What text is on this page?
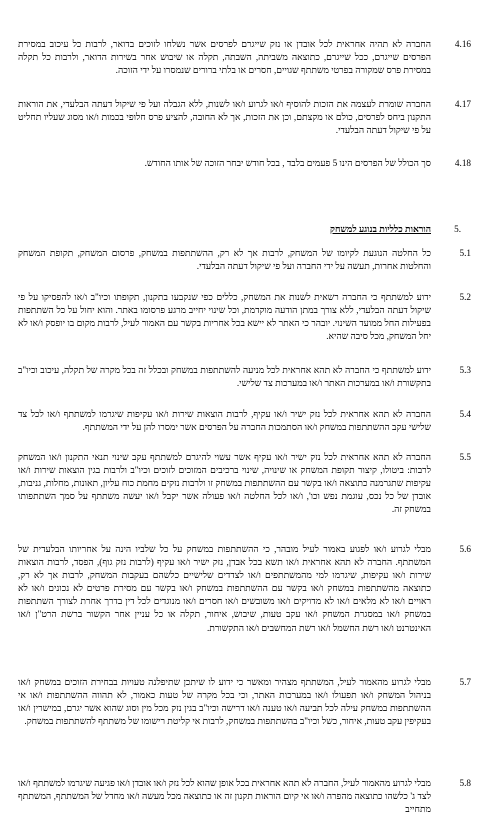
4.16
החברה לא תהיה אחראית לכל אובדן או נזק שייגרם לפרסים אשר נשלחו לזוכים בדואר, לרבות כל עיכוב במסירת הפרסים שייגרם, ככל שייגרם, כתוצאה משביתה, השבתה, תקלה או שיבוש אחר בשירות הדואר, ולרבות כל תקלה במסירת פרס שמקורה בפרטי משתתף שגויים, חסרים או בלתי ברורים שנמסרו על ידי הזוכה.
4.17
החברה שומרת לעצמה את הזכות להוסיף ו/או לגרוע ו/או לשנות, ללא הגבלה ועל פי שיקול דעתה הבלעדי, את הוראות התקנון ביחס לפרסים, כולם או מקצתם, וכן את הזכות, אך לא החובה, להציע פרס חלופי בכמות ו/או מסוג שעליו תחליט על פי שיקול דעתה הבלעדי.
4.18
סך הכולל של הפרסים הינו 5 פעמים בלבד , בכל חודש יבחר הזוכה של אותו החודש.
5.
הוראות כלליות בנוגע למשחק
5.1
כל החלטה הנוגעת לקיומו של המשחק, לרבות אך לא רק, ההשתתפות במשחק, פרסום המשחק, תקופת המשחק והחלטות אחרות, תעשה על ידי החברה ועל פי שיקול דעתה הבלעדי.
5.2
ידוע למשתתף כי החברה רשאית לשנות את המשחק, כללים כפי שנקבעו בתקנון, תקופתו וכיו"ב ו/או להפסיקו על פי שיקול דעתה הבלעדי, ללא צורך במתן הודעה מוקדמת, וכל שינוי יחייב מרגע פרסומו באתר. והוא יחול על כל השתתפות בפעילות החל ממועד השינוי. יובהר כי האתר לא יישא בכל אחריות בקשר עם האמור לעיל, לרבות מקום בו יופסק ו/או לא יחל המשחק, מכל סיבה שהיא.
5.3
ידוע למשתתף כי החברה לא תהא אחראית לכל מניעה להשתתפות במשחק ובכלל זה בכל מקרה של תקלה, עיכוב וכיו"ב בתקשורת ו/או במערכות האתר ו/או במערכות צד שלישי.
5.4
החברה לא תהא אחראית לכל נזק ישיר ו/או עקיף, לרבות הוצאות שירות ו/או עקיפות שיגרמו למשתתף ו/או לכל צד שלישי עקב ההשתתפות במשחק ו/או הסתמכות החברה על הפרסים אשר ימסרו להן על ידי המשתתף.
5.5
החברה לא תהא אחראית לכל נזק ישיר ו/או עקיף אשר עשוי להיגרם למשתתף עקב שינוי תנאי התקנון ו/או המשחק לרבות: ביטולו, קיצור תקופת המשחק או שינויה, שינוי ברכיבים המזוכים לזוכים וכיו"ב ולרבות בגין הוצאות שירות ו/או עקיפות שתגרמנה כתוצאה ו/או בקשר עם ההשתתפות במשחק זו ולרבות נזקים מחמת כוח עליון, תאונות, מחלות, גניבות, אובדן של כל נכס, עוגמת נפש וכו', ו/או לכל החלטה ו/או פעולה אשר יקבל ו/או יעשה משתתף על סמך השתתפותו במשחק זה.
5.6
מבלי לגרוע ו/או לפגוע באמור לעיל מובהר, כי ההשתתפות במשחק על כל שלביו הינה על אחריותו הבלעדית של המשתתף. החברה לא תהא אחראית ו/או תשא בכל אבדן, נזק ישיר ו/או עקיף (לרבות נזק גוף), הפסד, לרבות הוצאות שירות ו/או עקיפות, שיגרמו למי מהמשתתפים ו/או לצדדים שלישיים כלשהם בעקבות המשחק, לרבות אך לא רק, כתוצאה מהשתתפות במשחק ו/או בקשר עם ההשתתפות במשחק ו/או בקשר עם מסירת פרטים לא נכונים ו/או לא ראויים ו/או לא מלאים ו/או לא מדויקים ו/או משובשים ו/או חסרים ו/או מנוגדים לכל דין בדרך אחרת לצורך השתתפות במשחק ו/או במסגרת המשחק ו/או עקב טעות, שיבוש, איחור, תקלה או כל עניין אחר הקשור ברשת הרט"ן ו/או האינטרנט ו/או רשת החשמל ו/או רשת המחשבים ו/או התקשורת.
5.7
מבלי לגרוע מהאמור לעיל, המשתתף מצהיר ומאשר כי ידוע לו שיתכן שתיפלנה טעויות בבחירת הזוכים במשחק ו/או בניהול המשחק ו/או תפעולו ו/או במערכות האתר, וכי בכל מקרה של טעות כאמור, לא תהווה ההשתתפות ו/או אי ההשתתפות במשחק עילה לכל תביעה ו/או טענה ו/או דרישה וכיו"ב בגין נזק מכל מין וסוג שהוא אשר יגרם, במישרין ו/או בעקיפין עקב טעות, איחור, כשל וכיו"ב בהשתתפות במשחק, לרבות אי קליטת רישומו של משתתף להשתתפות במשחק.
5.8
מבלי לגרוע מהאמור לעיל, החברה לא תהא אחראית בכל אופן שהוא לכל נזק ו/או אובדן ו/או פגיעה שיגרמו למשתתף ו/או לצד ג' כלשהו כתוצאה מהפרה ו/או אי קיום הוראות תקנון זה או כתוצאה מכל מעשה ו/או מחדל של המשתתף, המשתתף מתחייב
